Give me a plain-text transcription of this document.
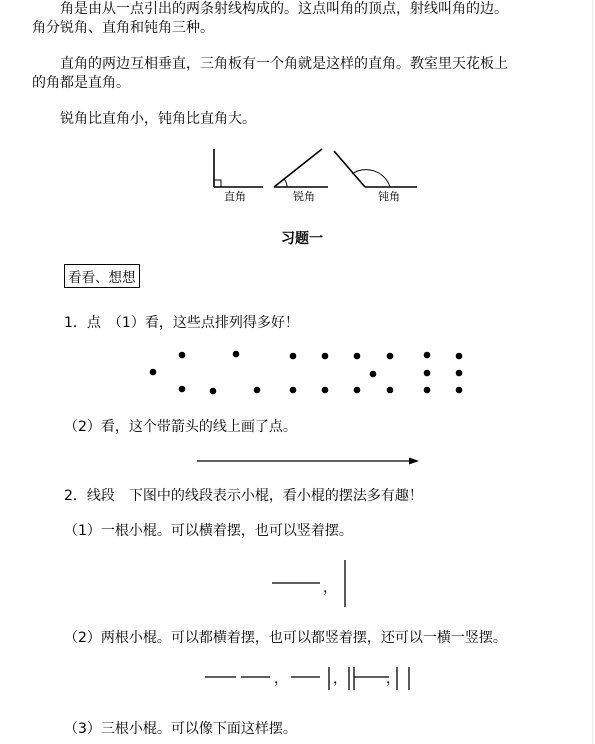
　　角是由从一点引出的两条射线构成的。这点叫角的顶点，射线叫角的边。
角分锐角、直角和钝角三种。
　　直角的两边互相垂直，三角板有一个角就是这样的直角。教室里天花板上
的角都是直角。
　　锐角比直角小，钝角比直角大。
直角	锐角	钝角
习题一
看看、想想
1．点　（1）看，这些点排列得多好！
（2）看，这个带箭头的线上画了点。
2．线段　下图中的线段表示小棍，看小棍的摆法多有趣！
（1）一根小棍。可以横着摆，也可以竖着摆。
，
（2）两根小棍。可以都横着摆，也可以都竖着摆，还可以一横一竖摆。
，	，	，
（3）三根小棍。可以像下面这样摆。
